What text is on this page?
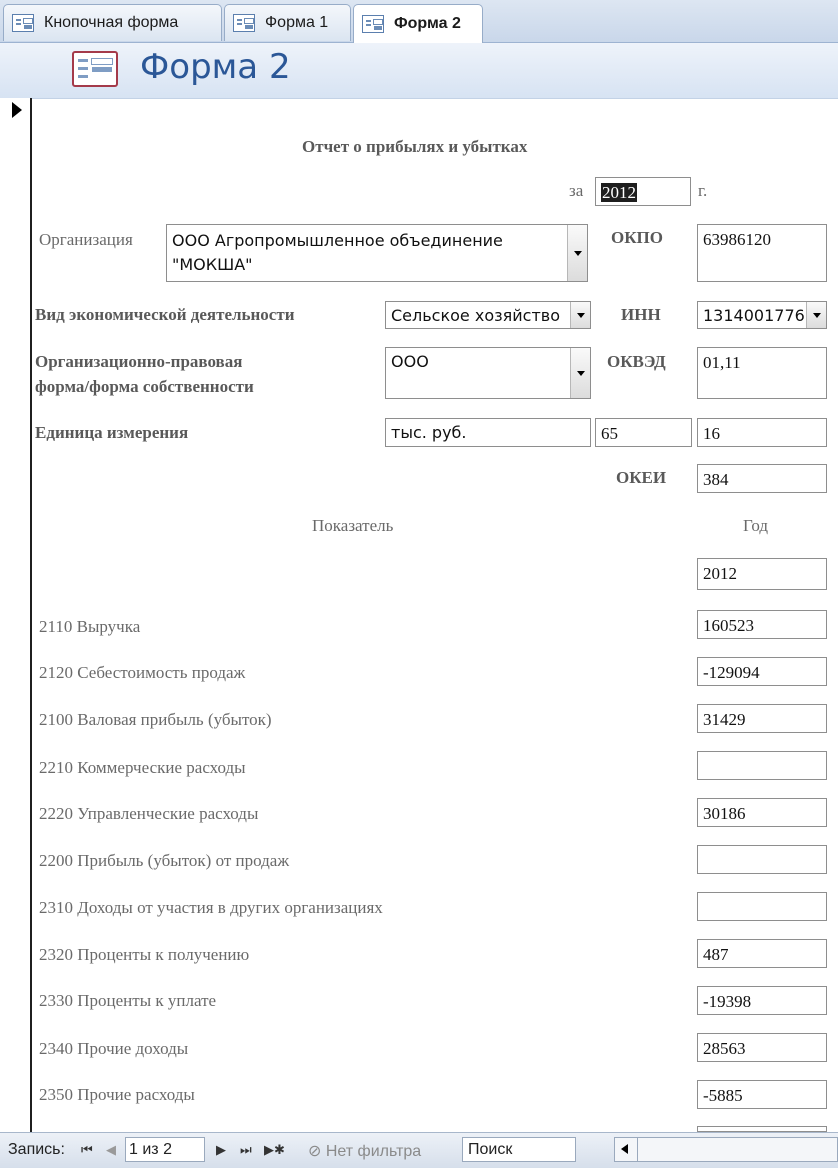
Кнопочная форма	Форма 1	Форма 2
Форма 2
Отчет о прибылях и убытках
за	2012	г.
Организация ООО Агропромышленное объединение
"МОКША"
ОКПО	63986120
Вид экономической деятельности	Сельское хозяйство	ИНН	1314001776
Организационно-правовая
форма/форма собственности
ООО	ОКВЭД	01,11
Единица измерения	тыс. руб.	65	16
ОКЕИ	384
Показатель	Год
2012
2110 Выручка	160523
2120 Себестоимость продаж	-129094
2100 Валовая прибыль (убыток)	31429
2210 Коммерческие расходы
2220 Управленческие расходы	30186
2200 Прибыль (убыток) от продаж
2310 Доходы от участия в других организациях
2320 Проценты к получению	487
2330 Проценты к уплате	-19398
2340 Прочие доходы	28563
2350 Прочие расходы	-5885
Запись: ⏮ ◀ 1 из 2	▶ ⏭ ▶✱ ⊘ Нет фильтра	Поиск
